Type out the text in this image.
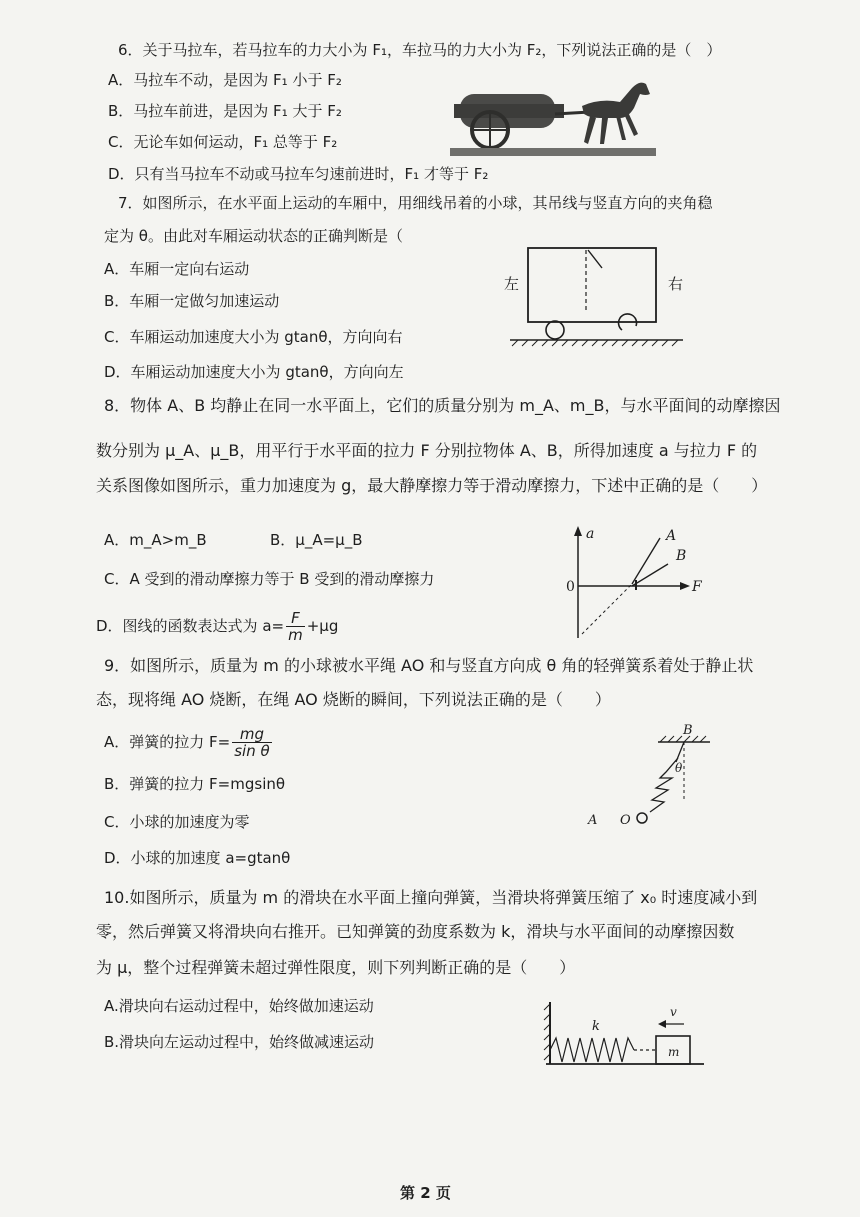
6．关于马拉车，若马拉车的力大小为 F₁，车拉马的力大小为 F₂，下列说法正确的是（　）
A．马拉车不动，是因为 F₁ 小于 F₂
B．马拉车前进，是因为 F₁ 大于 F₂
C．无论车如何运动，F₁ 总等于 F₂
D．只有当马拉车不动或马拉车匀速前进时，F₁ 才等于 F₂
7．如图所示，在水平面上运动的车厢中，用细线吊着的小球，其吊线与竖直方向的夹角稳
定为 θ。由此对车厢运动状态的正确判断是（
A．车厢一定向右运动
B．车厢一定做匀加速运动
C．车厢运动加速度大小为 gtanθ，方向向右
D．车厢运动加速度大小为 gtanθ，方向向左
左	右
8．物体 A、B 均静止在同一水平面上，它们的质量分别为 m_A、m_B，与水平面间的动摩擦因
数分别为 μ_A、μ_B，用平行于水平面的拉力 F 分别拉物体 A、B，所得加速度 a 与拉力 F 的
关系图像如图所示，重力加速度为 g，最大静摩擦力等于滑动摩擦力，下述中正确的是（　　）
A．m_A>m_B	B．μ_A=μ_B
C．A 受到的滑动摩擦力等于 B 受到的滑动摩擦力
D．图线的函数表达式为 $a= \frac{F}{m} +\mu g$
a
F
0
A
B
9．如图所示，质量为 m 的小球被水平绳 AO 和与竖直方向成 θ 角的轻弹簧系着处于静止状
态，现将绳 AO 烧断，在绳 AO 烧断的瞬间，下列说法正确的是（　　）
A．弹簧的拉力 $F= \frac{mg}{\text{sin θ}}$
B．弹簧的拉力 F=mgsinθ
C．小球的加速度为零
D．小球的加速度 a=gtanθ
B
θ
A O
10.如图所示，质量为 m 的滑块在水平面上撞向弹簧，当滑块将弹簧压缩了 x₀ 时速度减小到
零，然后弹簧又将滑块向右推开。已知弹簧的劲度系数为 k，滑块与水平面间的动摩擦因数
为 μ，整个过程弹簧未超过弹性限度，则下列判断正确的是（　　）
A.滑块向右运动过程中，始终做加速运动
B.滑块向左运动过程中，始终做减速运动
k
v
m
第 2 页
